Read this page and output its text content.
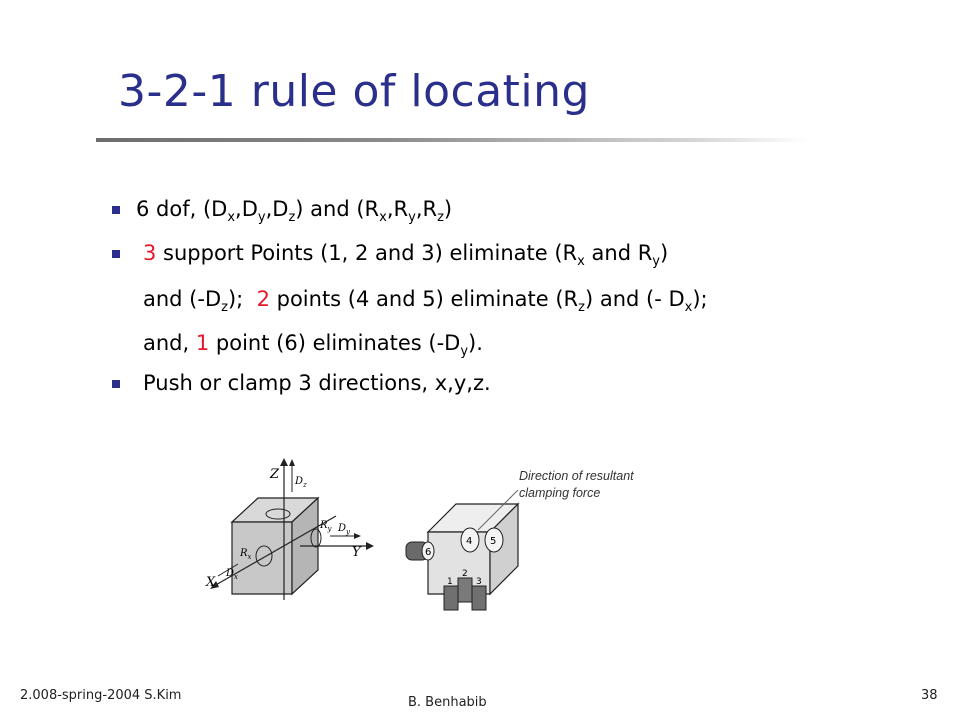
3-2-1 rule of locating
6 dof, $(D_x,D_y,D_z)$ and $(R_x,R_y,R_z)$
3 support Points (1, 2 and 3) eliminate ($R_x$ and $R_y$)
and $(-D_z)$;  2 points (4 and 5) eliminate $(R_z)$ and (- $D_x$);
and, 1 point (6) eliminates $(-D_y)$.
Push or clamp 3 directions, x,y,z.
Z $D_z$
$R_y$ $D_y$
Y
$R_x$
$D_x$
X
6
4 5
1
2
3
Direction of resultant clamping force
2.008-spring-2004 S.Kim	B. Benhabib	38
